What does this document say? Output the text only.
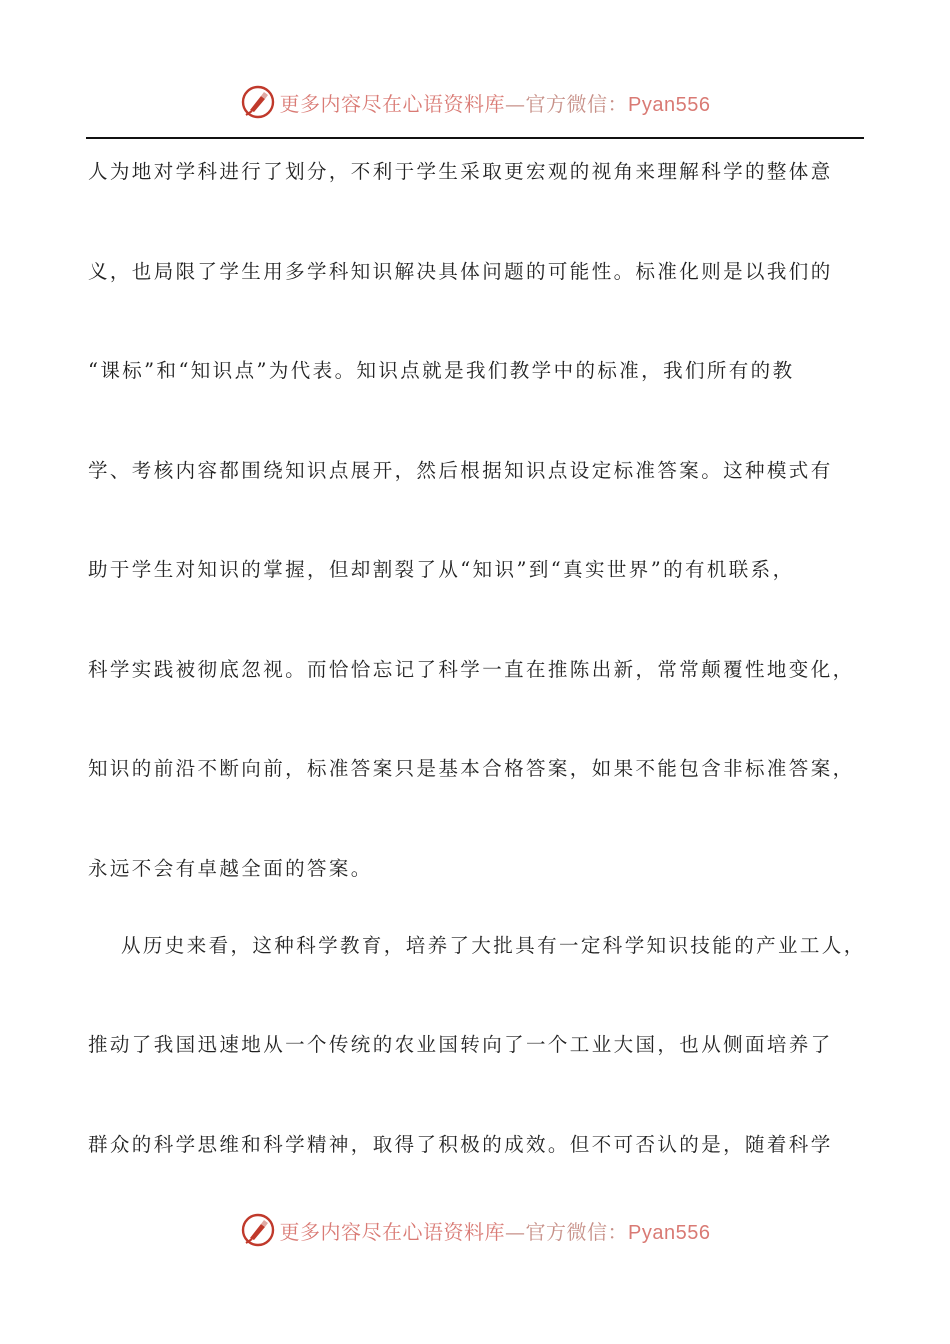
更多内容尽在心语资料库—官方微信：Pyan556
人为地对学科进行了划分，不利于学生采取更宏观的视角来理解科学的整体意
义，也局限了学生用多学科知识解决具体问题的可能性。标准化则是以我们的
“课标”和“知识点”为代表。知识点就是我们教学中的标准，我们所有的教
学、考核内容都围绕知识点展开，然后根据知识点设定标准答案。这种模式有
助于学生对知识的掌握，但却割裂了从“知识”到“真实世界”的有机联系，
科学实践被彻底忽视。而恰恰忘记了科学一直在推陈出新，常常颠覆性地变化，
知识的前沿不断向前，标准答案只是基本合格答案，如果不能包含非标准答案，
永远不会有卓越全面的答案。
从历史来看，这种科学教育，培养了大批具有一定科学知识技能的产业工人，
推动了我国迅速地从一个传统的农业国转向了一个工业大国，也从侧面培养了
群众的科学思维和科学精神，取得了积极的成效。但不可否认的是，随着科学
更多内容尽在心语资料库—官方微信：Pyan556
